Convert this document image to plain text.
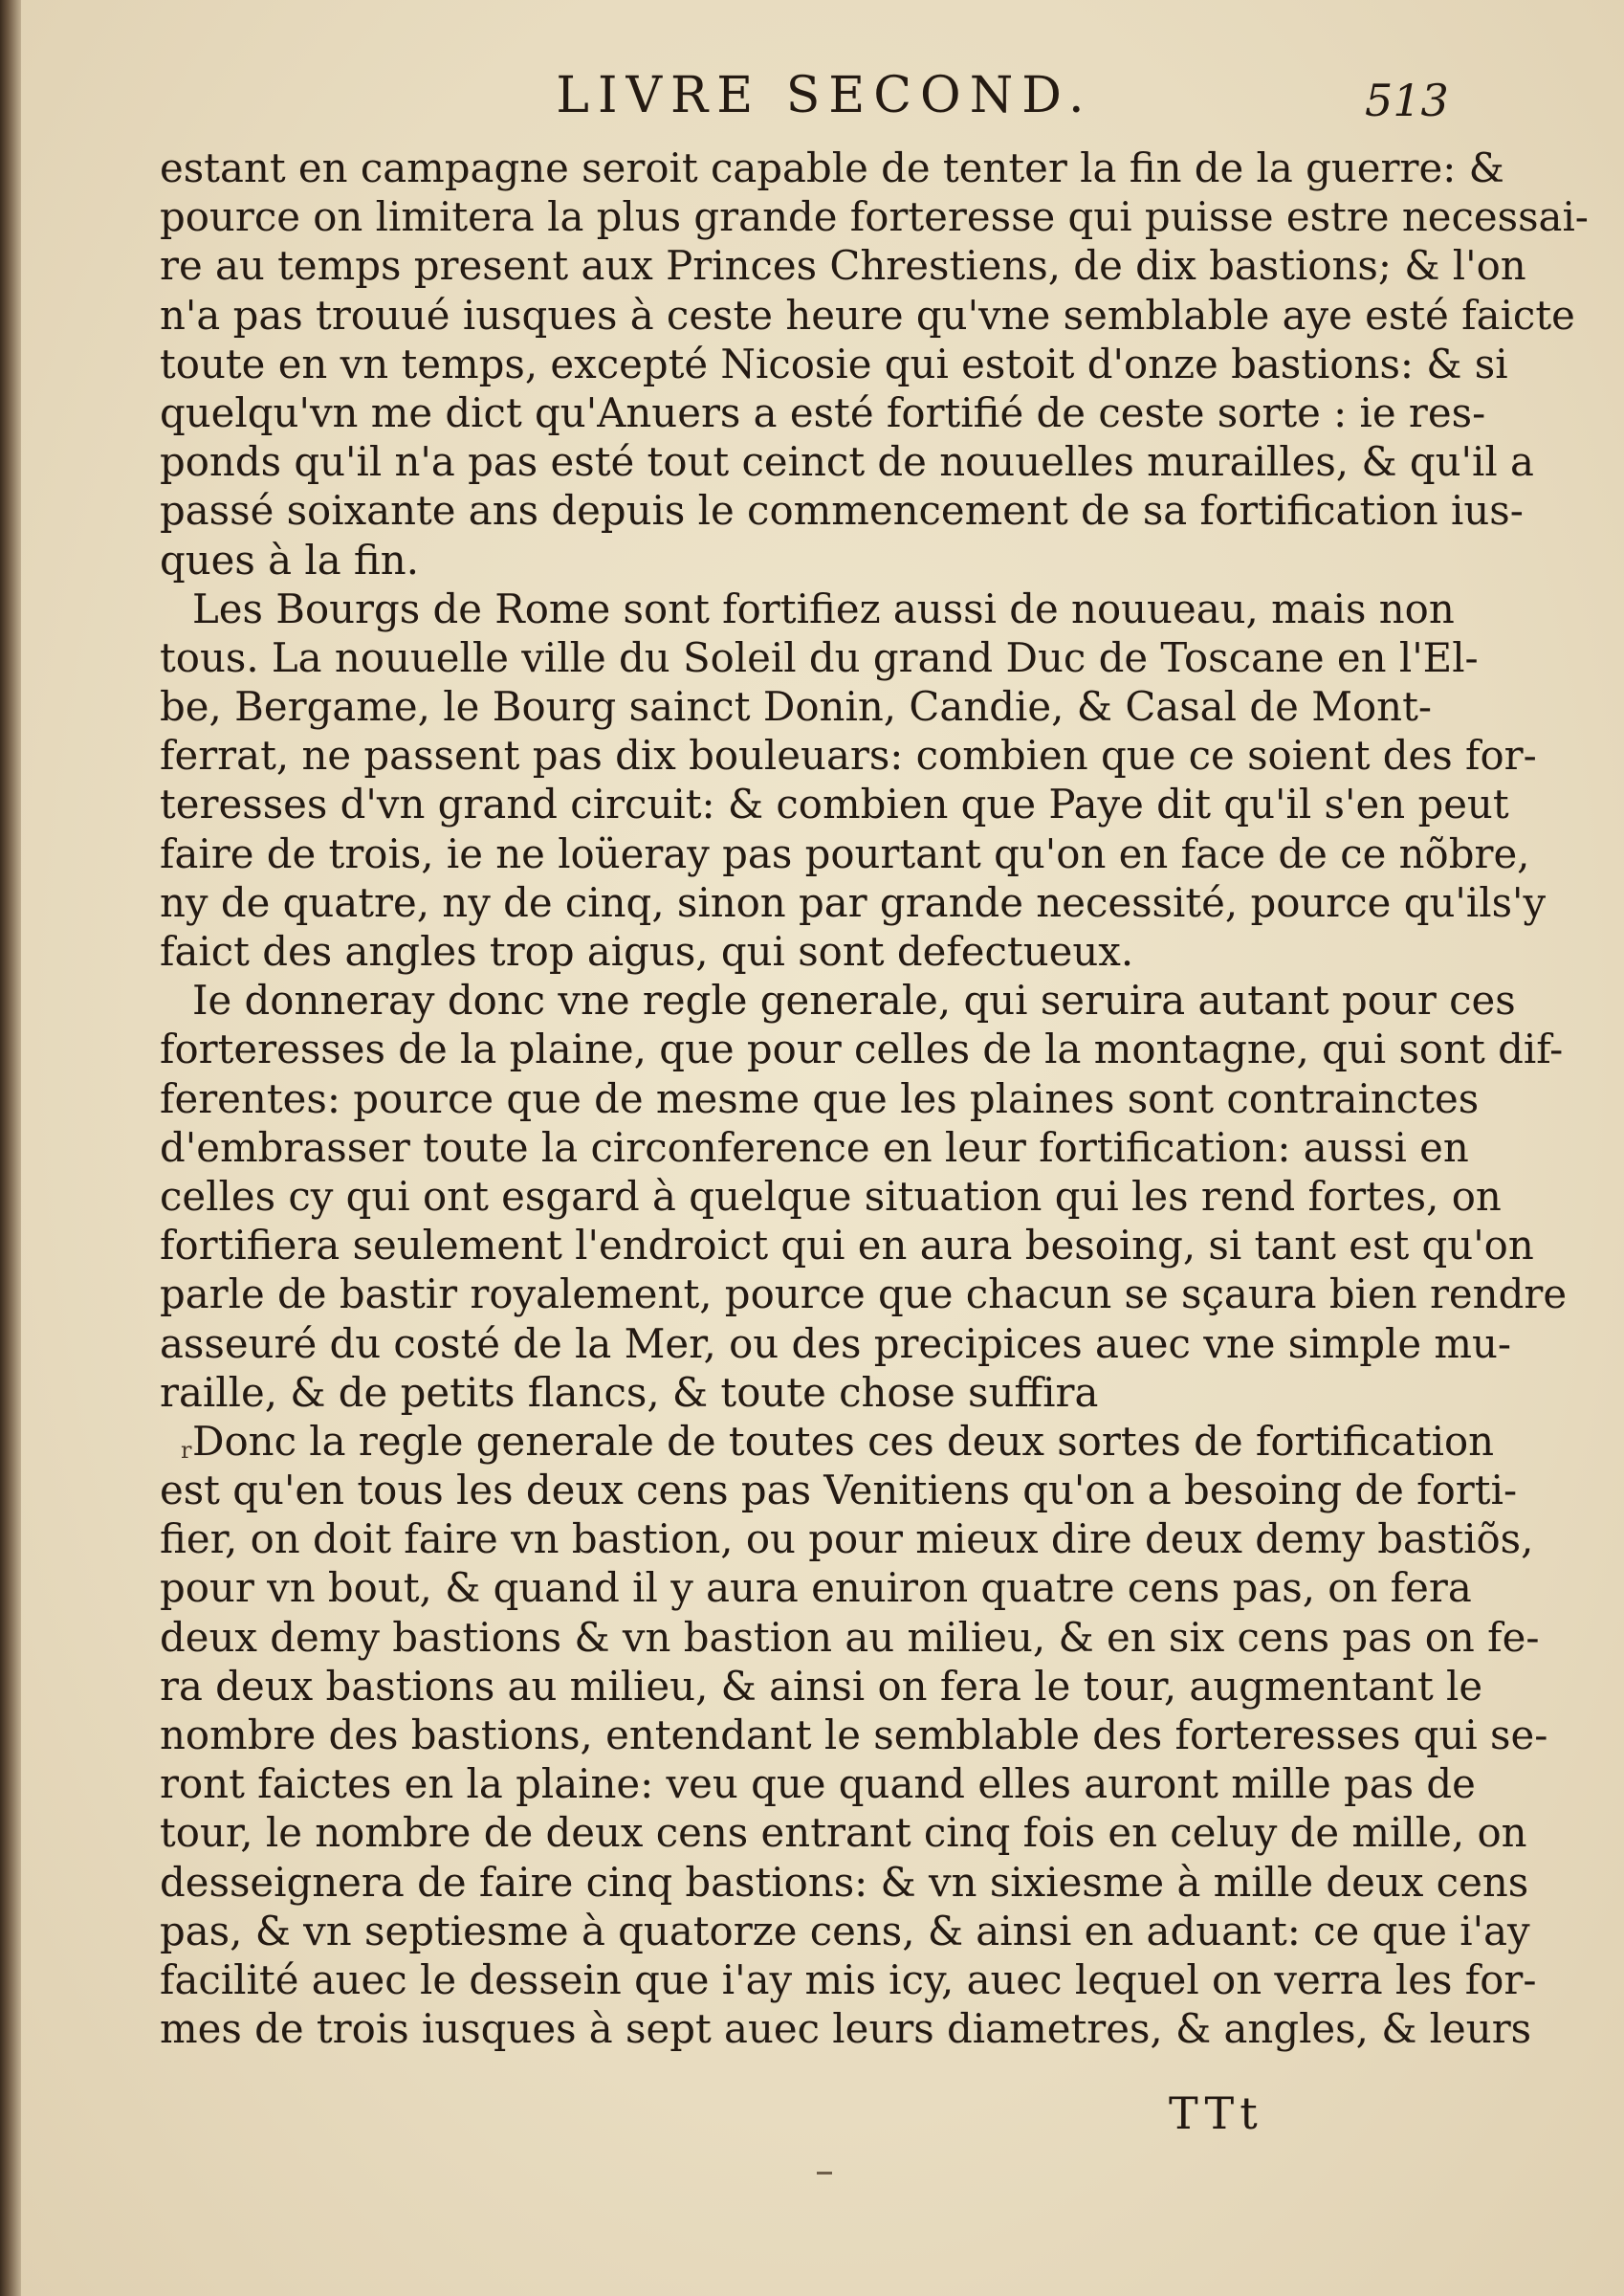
LIVRE SECOND.	513
estant en campagne seroit capable de tenter la fin de la guerre: &
pource on limitera la plus grande forteresse qui puisse estre necessai-
re au temps present aux Princes Chrestiens, de dix bastions; & l'on
n'a pas trouué iusques à ceste heure qu'vne semblable aye esté faicte
toute en vn temps, excepté Nicosie qui estoit d'onze bastions: & si
quelqu'vn me dict qu'Anuers a esté fortifié de ceste sorte : ie res-
ponds qu'il n'a pas esté tout ceinct de nouuelles murailles, & qu'il a
passé soixante ans depuis le commencement de sa fortification ius-
ques à la fin.
Les Bourgs de Rome sont fortifiez aussi de nouueau, mais non
tous. La nouuelle ville du Soleil du grand Duc de Toscane en l'El-
be, Bergame, le Bourg sainct Donin, Candie, & Casal de Mont-
ferrat, ne passent pas dix bouleuars: combien que ce soient des for-
teresses d'vn grand circuit: & combien que Paye dit qu'il s'en peut
faire de trois, ie ne loüeray pas pourtant qu'on en face de ce nõbre,
ny de quatre, ny de cinq, sinon par grande necessité, pource qu'ils'y
faict des angles trop aigus, qui sont defectueux.
Ie donneray donc vne regle generale, qui seruira autant pour ces
forteresses de la plaine, que pour celles de la montagne, qui sont dif-
ferentes: pource que de mesme que les plaines sont contrainctes
d'embrasser toute la circonference en leur fortification: aussi en
celles cy qui ont esgard à quelque situation qui les rend fortes, on
fortifiera seulement l'endroict qui en aura besoing, si tant est qu'on
parle de bastir royalement, pource que chacun se sçaura bien rendre
asseuré du costé de la Mer, ou des precipices auec vne simple mu-
raille, & de petits flancs, & toute chose suffira
Donc la regle generale de toutes ces deux sortes de fortification
est qu'en tous les deux cens pas Venitiens qu'on a besoing de forti-
fier, on doit faire vn bastion, ou pour mieux dire deux demy bastiõs,
pour vn bout, & quand il y aura enuiron quatre cens pas, on fera
deux demy bastions & vn bastion au milieu, & en six cens pas on fe-
ra deux bastions au milieu, & ainsi on fera le tour, augmentant le
nombre des bastions, entendant le semblable des forteresses qui se-
ront faictes en la plaine: veu que quand elles auront mille pas de
tour, le nombre de deux cens entrant cinq fois en celuy de mille, on
desseignera de faire cinq bastions: & vn sixiesme à mille deux cens
pas, & vn septiesme à quatorze cens, & ainsi en aduant: ce que i'ay
facilité auec le dessein que i'ay mis icy, auec lequel on verra les for-
mes de trois iusques à sept auec leurs diametres, & angles, & leurs
r
TTt
